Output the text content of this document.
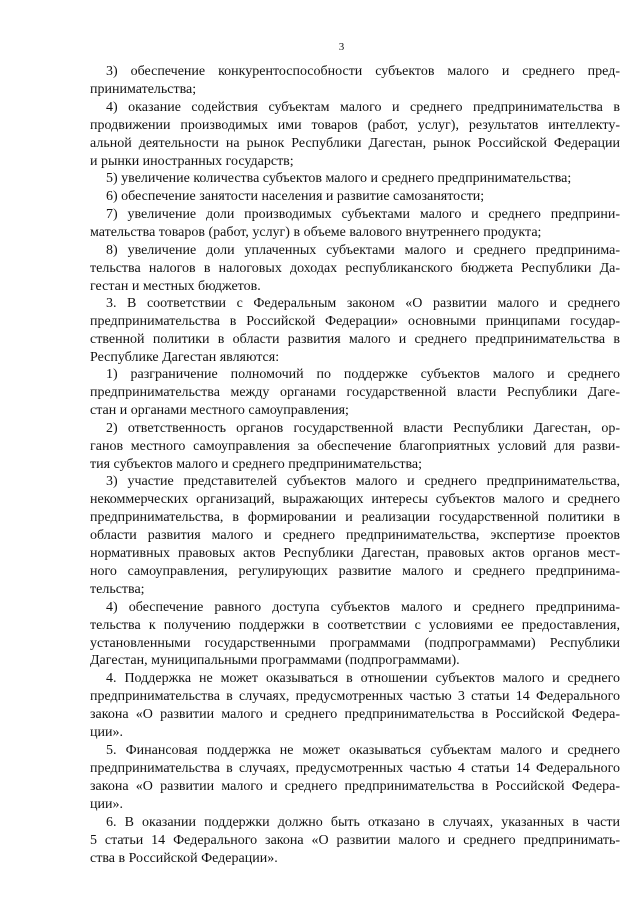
3
3) обеспечение конкурентоспособности субъектов малого и среднего пред-
принимательства;
4) оказание содействия субъектам малого и среднего предпринимательства в
продвижении производимых ими товаров (работ, услуг), результатов интеллекту-
альной деятельности на рынок Республики Дагестан, рынок Российской Федерации
и рынки иностранных государств;
5) увеличение количества субъектов малого и среднего предпринимательства;
6) обеспечение занятости населения и развитие самозанятости;
7) увеличение доли производимых субъектами малого и среднего предприни-
мательства товаров (работ, услуг) в объеме валового внутреннего продукта;
8) увеличение доли уплаченных субъектами малого и среднего предпринима-
тельства налогов в налоговых доходах республиканского бюджета Республики Да-
гестан и местных бюджетов.
3. В соответствии с Федеральным законом «О развитии малого и среднего
предпринимательства в Российской Федерации» основными принципами государ-
ственной политики в области развития малого и среднего предпринимательства в
Республике Дагестан являются:
1) разграничение полномочий по поддержке субъектов малого и среднего
предпринимательства между органами государственной власти Республики Даге-
стан и органами местного самоуправления;
2) ответственность органов государственной власти Республики Дагестан, ор-
ганов местного самоуправления за обеспечение благоприятных условий для разви-
тия субъектов малого и среднего предпринимательства;
3) участие представителей субъектов малого и среднего предпринимательства,
некоммерческих организаций, выражающих интересы субъектов малого и среднего
предпринимательства, в формировании и реализации государственной политики в
области развития малого и среднего предпринимательства, экспертизе проектов
нормативных правовых актов Республики Дагестан, правовых актов органов мест-
ного самоуправления, регулирующих развитие малого и среднего предпринима-
тельства;
4) обеспечение равного доступа субъектов малого и среднего предпринима-
тельства к получению поддержки в соответствии с условиями ее предоставления,
установленными государственными программами (подпрограммами) Республики
Дагестан, муниципальными программами (подпрограммами).
4. Поддержка не может оказываться в отношении субъектов малого и среднего
предпринимательства в случаях, предусмотренных частью 3 статьи 14 Федерального
закона «О развитии малого и среднего предпринимательства в Российской Федера-
ции».
5. Финансовая поддержка не может оказываться субъектам малого и среднего
предпринимательства в случаях, предусмотренных частью 4 статьи 14 Федерального
закона «О развитии малого и среднего предпринимательства в Российской Федера-
ции».
6. В оказании поддержки должно быть отказано в случаях, указанных в части
5 статьи 14 Федерального закона «О развитии малого и среднего предпринимать-
ства в Российской Федерации».
